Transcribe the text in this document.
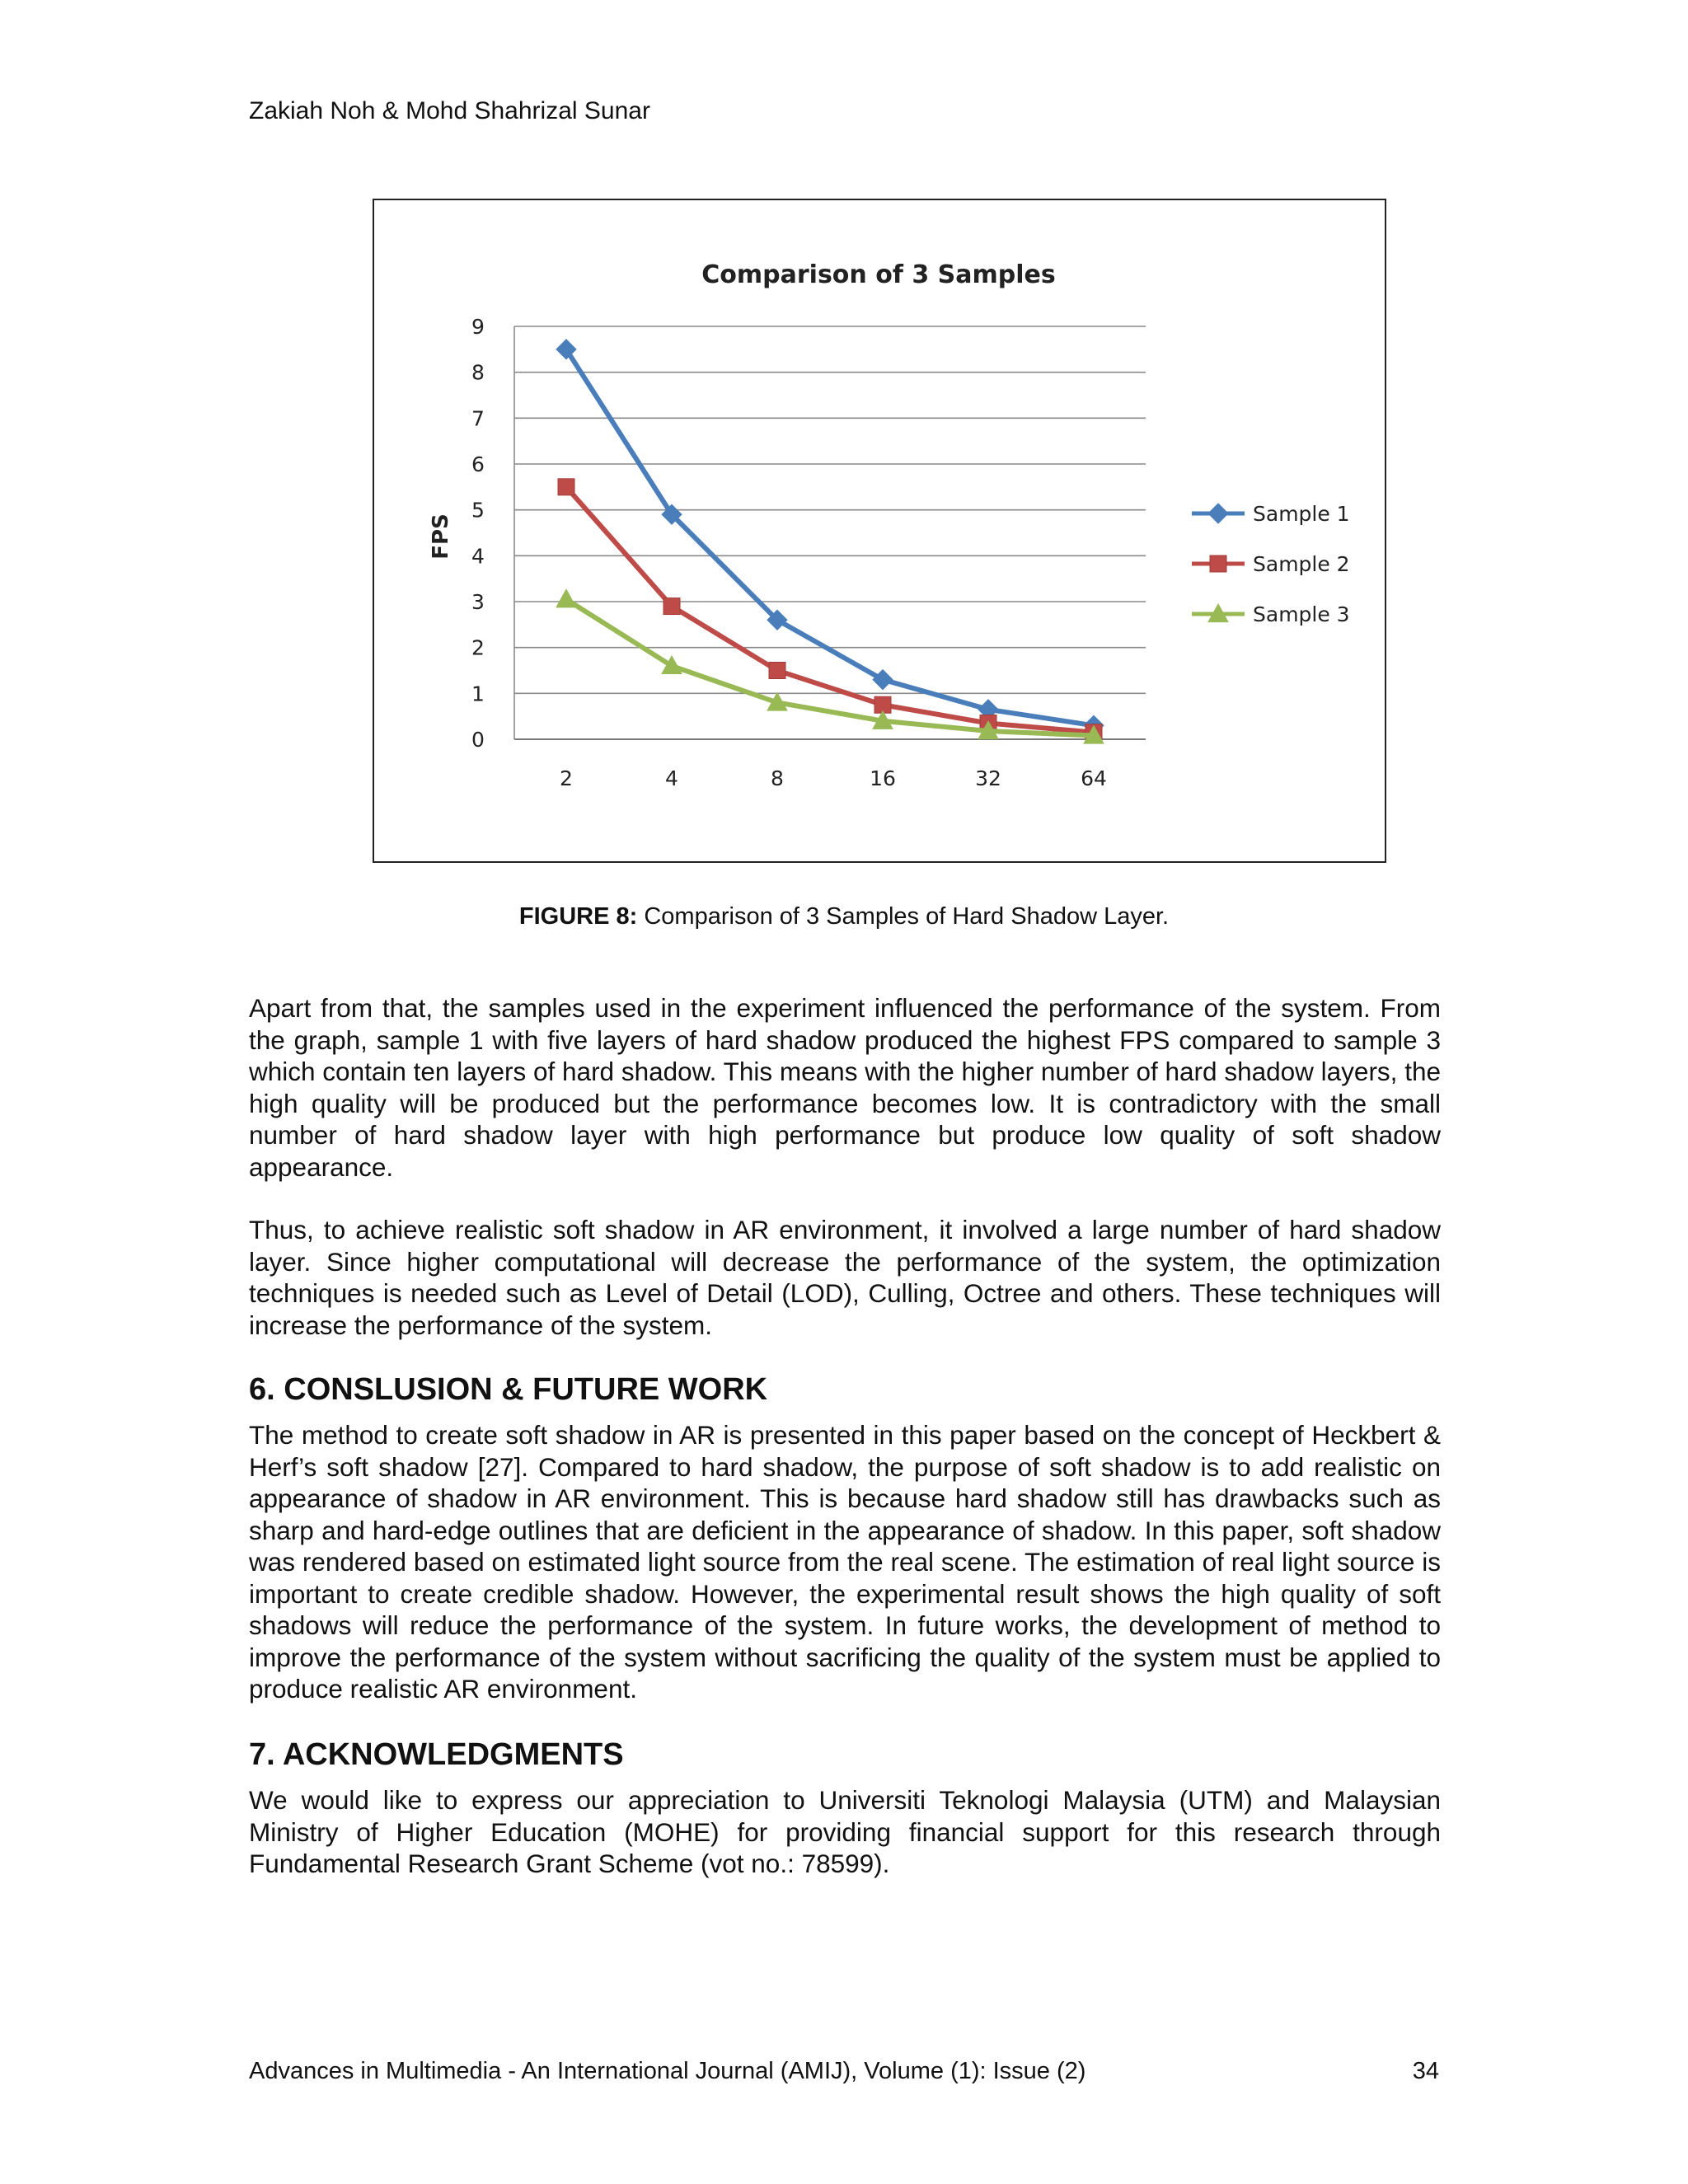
Zakiah Noh & Mohd Shahrizal Sunar
Comparison of 3 Samples
0
1
2
3
4
5
6
7
8
9
2	4	8	16	32	64
FPS	Sample 1
Sample 2
Sample 3
FIGURE 8: Comparison of 3 Samples of Hard Shadow Layer.

Apart from that, the samples used in the experiment influenced the performance of the system. From the graph, sample 1 with five layers of hard shadow produced the highest FPS compared to sample 3 which contain ten layers of hard shadow. This means with the higher number of hard shadow layers, the high quality will be produced but the performance becomes low. It is contradictory with the small number of hard shadow layer with high performance but produce low quality of soft shadow appearance.

Thus, to achieve realistic soft shadow in AR environment, it involved a large number of hard shadow layer. Since higher computational will decrease the performance of the system, the optimization techniques is needed such as Level of Detail (LOD), Culling, Octree and others. These techniques will increase the performance of the system.

6. CONSLUSION & FUTURE WORK

The method to create soft shadow in AR is presented in this paper based on the concept of Heckbert & Herf’s soft shadow [27]. Compared to hard shadow, the purpose of soft shadow is to add realistic on appearance of shadow in AR environment. This is because hard shadow still has drawbacks such as sharp and hard-edge outlines that are deficient in the appearance of shadow. In this paper, soft shadow was rendered based on estimated light source from the real scene. The estimation of real light source is important to create credible shadow. However, the experimental result shows the high quality of soft shadows will reduce the performance of the system. In future works, the development of method to improve the performance of the system without sacrificing the quality of the system must be applied to produce realistic AR environment.

7. ACKNOWLEDGMENTS

We would like to express our appreciation to Universiti Teknologi Malaysia (UTM) and Malaysian Ministry of Higher Education (MOHE) for providing financial support for this research through Fundamental Research Grant Scheme (vot no.: 78599).

Advances in Multimedia - An International Journal (AMIJ), Volume (1): Issue (2)	34
